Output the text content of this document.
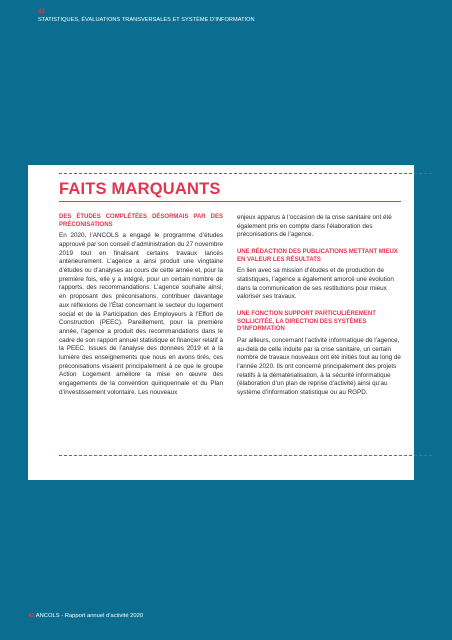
42
STATISTIQUES, ÉVALUATIONS TRANSVERSALES ET SYSTÈME D’INFORMATION
FAITS MARQUANTS
DES ÉTUDES COMPLÉTÉES DÉSORMAIS PAR DES PRÉCONISATIONS

En 2020, l’ANCOLS a engagé le programme d’études approuvé par son conseil d’administration du 27 novembre 2019 tout en finalisant certains travaux lancés antérieurement. L’agence a ainsi produit une vingtaine d’études ou d’analyses au cours de cette année et, pour la première fois, elle y a intégré, pour un certain nombre de rapports, des recommandations. L’agence souhaite ainsi, en proposant des préconisations, contribuer davantage aux réflexions de l’État concernant le secteur du logement social et de la Participation des Employeurs à l’Effort de Construction (PEEC). Pareillement, pour la première année, l’agence a produit des recommandations dans le cadre de son rapport annuel statistique et financier relatif à la PEEC. Issues de l’analyse des données 2019 et à la lumière des enseignements que nous en avons tirés, ces préconisations visaient principalement à ce que le groupe Action Logement améliore la mise en œuvre des engagements de la convention quinquennale et du Plan d’investissement volontaire. Les nouveaux

enjeux apparus à l’occasion de la crise sanitaire ont été également pris en compte dans l’élaboration des préconisations de l’agence.

UNE RÉDACTION DES PUBLICATIONS METTANT MIEUX EN VALEUR LES RÉSULTATS

En lien avec sa mission d’études et de production de statistiques, l’agence a également amorcé une évolution dans la communication de ses restitutions pour mieux valoriser ses travaux.

UNE FONCTION SUPPORT PARTICULIÈREMENT SOLLICITÉE, LA DIRECTION DES SYSTÈMES D’INFORMATION

Par ailleurs, concernant l’activité informatique de l’agence, au-delà de celle induite par la crise sanitaire, un certain nombre de travaux nouveaux ont été initiés tout au long de l’année 2020. Ils ont concerné principalement des projets relatifs à la dématérialisation, à la sécurité informatique (élaboration d’un plan de reprise d’activité) ainsi qu’au système d’information statistique ou au RGPD.

42 ANCOLS - Rapport annuel d’activité 2020
